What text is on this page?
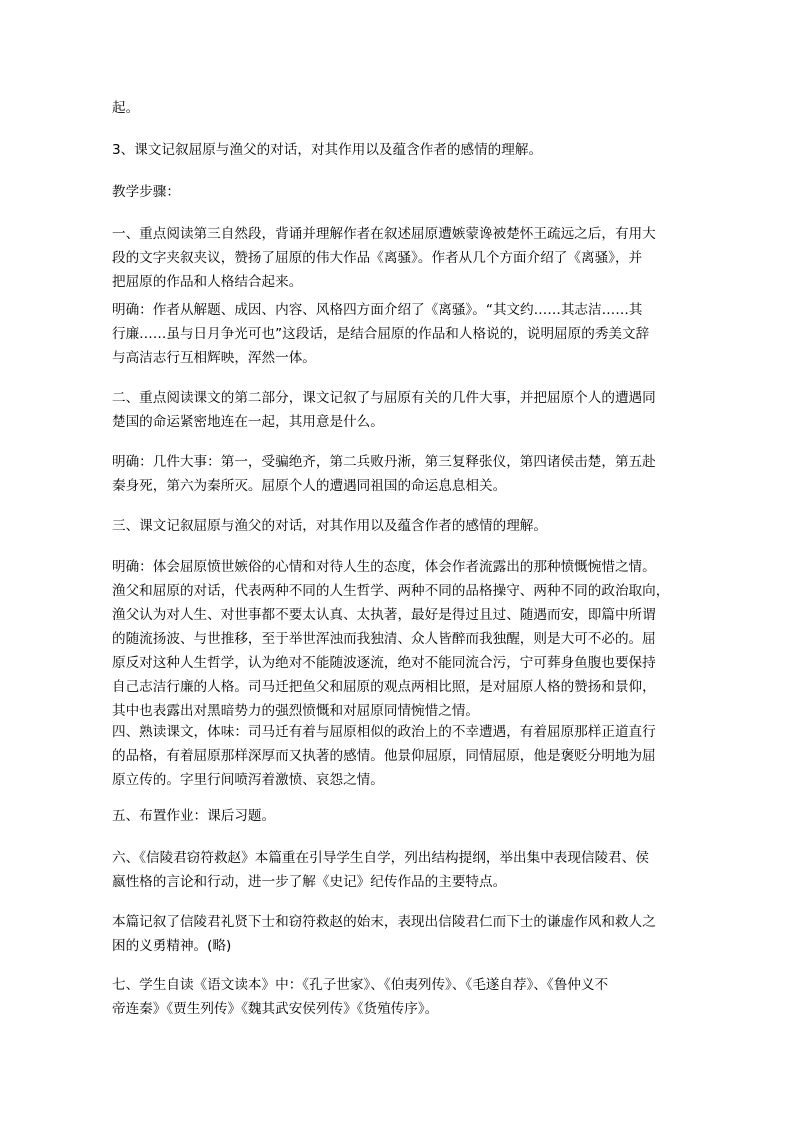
起。

3、课文记叙屈原与渔父的对话，对其作用以及蕴含作者的感情的理解。

教学步骤：

一、重点阅读第三自然段，背诵并理解作者在叙述屈原遭嫉蒙谗被楚怀王疏远之后，有用大
段的文字夹叙夹议，赞扬了屈原的伟大作品《离骚》。作者从几个方面介绍了《离骚》，并
把屈原的作品和人格结合起来。

明确：作者从解题、成因、内容、风格四方面介绍了《离骚》。“其文约……其志洁……其
行廉……虽与日月争光可也”这段话，是结合屈原的作品和人格说的，说明屈原的秀美文辞
与高洁志行互相辉映，浑然一体。

二、重点阅读课文的第二部分，课文记叙了与屈原有关的几件大事，并把屈原个人的遭遇同
楚国的命运紧密地连在一起，其用意是什么。

明确：几件大事：第一，受骗绝齐，第二兵败丹淅，第三复释张仪，第四诸侯击楚，第五赴
秦身死，第六为秦所灭。屈原个人的遭遇同祖国的命运息息相关。

三、课文记叙屈原与渔父的对话，对其作用以及蕴含作者的感情的理解。

明确：体会屈原愤世嫉俗的心情和对待人生的态度，体会作者流露出的那种愤慨惋惜之情。
渔父和屈原的对话，代表两种不同的人生哲学、两种不同的品格操守、两种不同的政治取向，
渔父认为对人生、对世事都不要太认真、太执著，最好是得过且过、随遇而安，即篇中所谓
的随流扬波、与世推移，至于举世浑浊而我独清、众人皆醉而我独醒，则是大可不必的。屈
原反对这种人生哲学，认为绝对不能随波逐流，绝对不能同流合污，宁可葬身鱼腹也要保持
自己志洁行廉的人格。司马迁把鱼父和屈原的观点两相比照，是对屈原人格的赞扬和景仰，
其中也表露出对黑暗势力的强烈愤慨和对屈原同情惋惜之情。

四、熟读课文，体味：司马迁有着与屈原相似的政治上的不幸遭遇，有着屈原那样正道直行
的品格，有着屈原那样深厚而又执著的感情。他景仰屈原，同情屈原，他是褒贬分明地为屈
原立传的。字里行间喷泻着激愤、哀怨之情。

五、布置作业：课后习题。

六、《信陵君窃符救赵》本篇重在引导学生自学，列出结构提纲，举出集中表现信陵君、侯
嬴性格的言论和行动，进一步了解《史记》纪传作品的主要特点。

本篇记叙了信陵君礼贤下士和窃符救赵的始末，表现出信陵君仁而下士的谦虚作风和救人之
困的义勇精神。(略)

七、学生自读《语文读本》中：《孔子世家》、《伯夷列传》、《毛遂自荐》、《鲁仲义不
帝连秦》《贾生列传》《魏其武安侯列传》《货殖传序》。
